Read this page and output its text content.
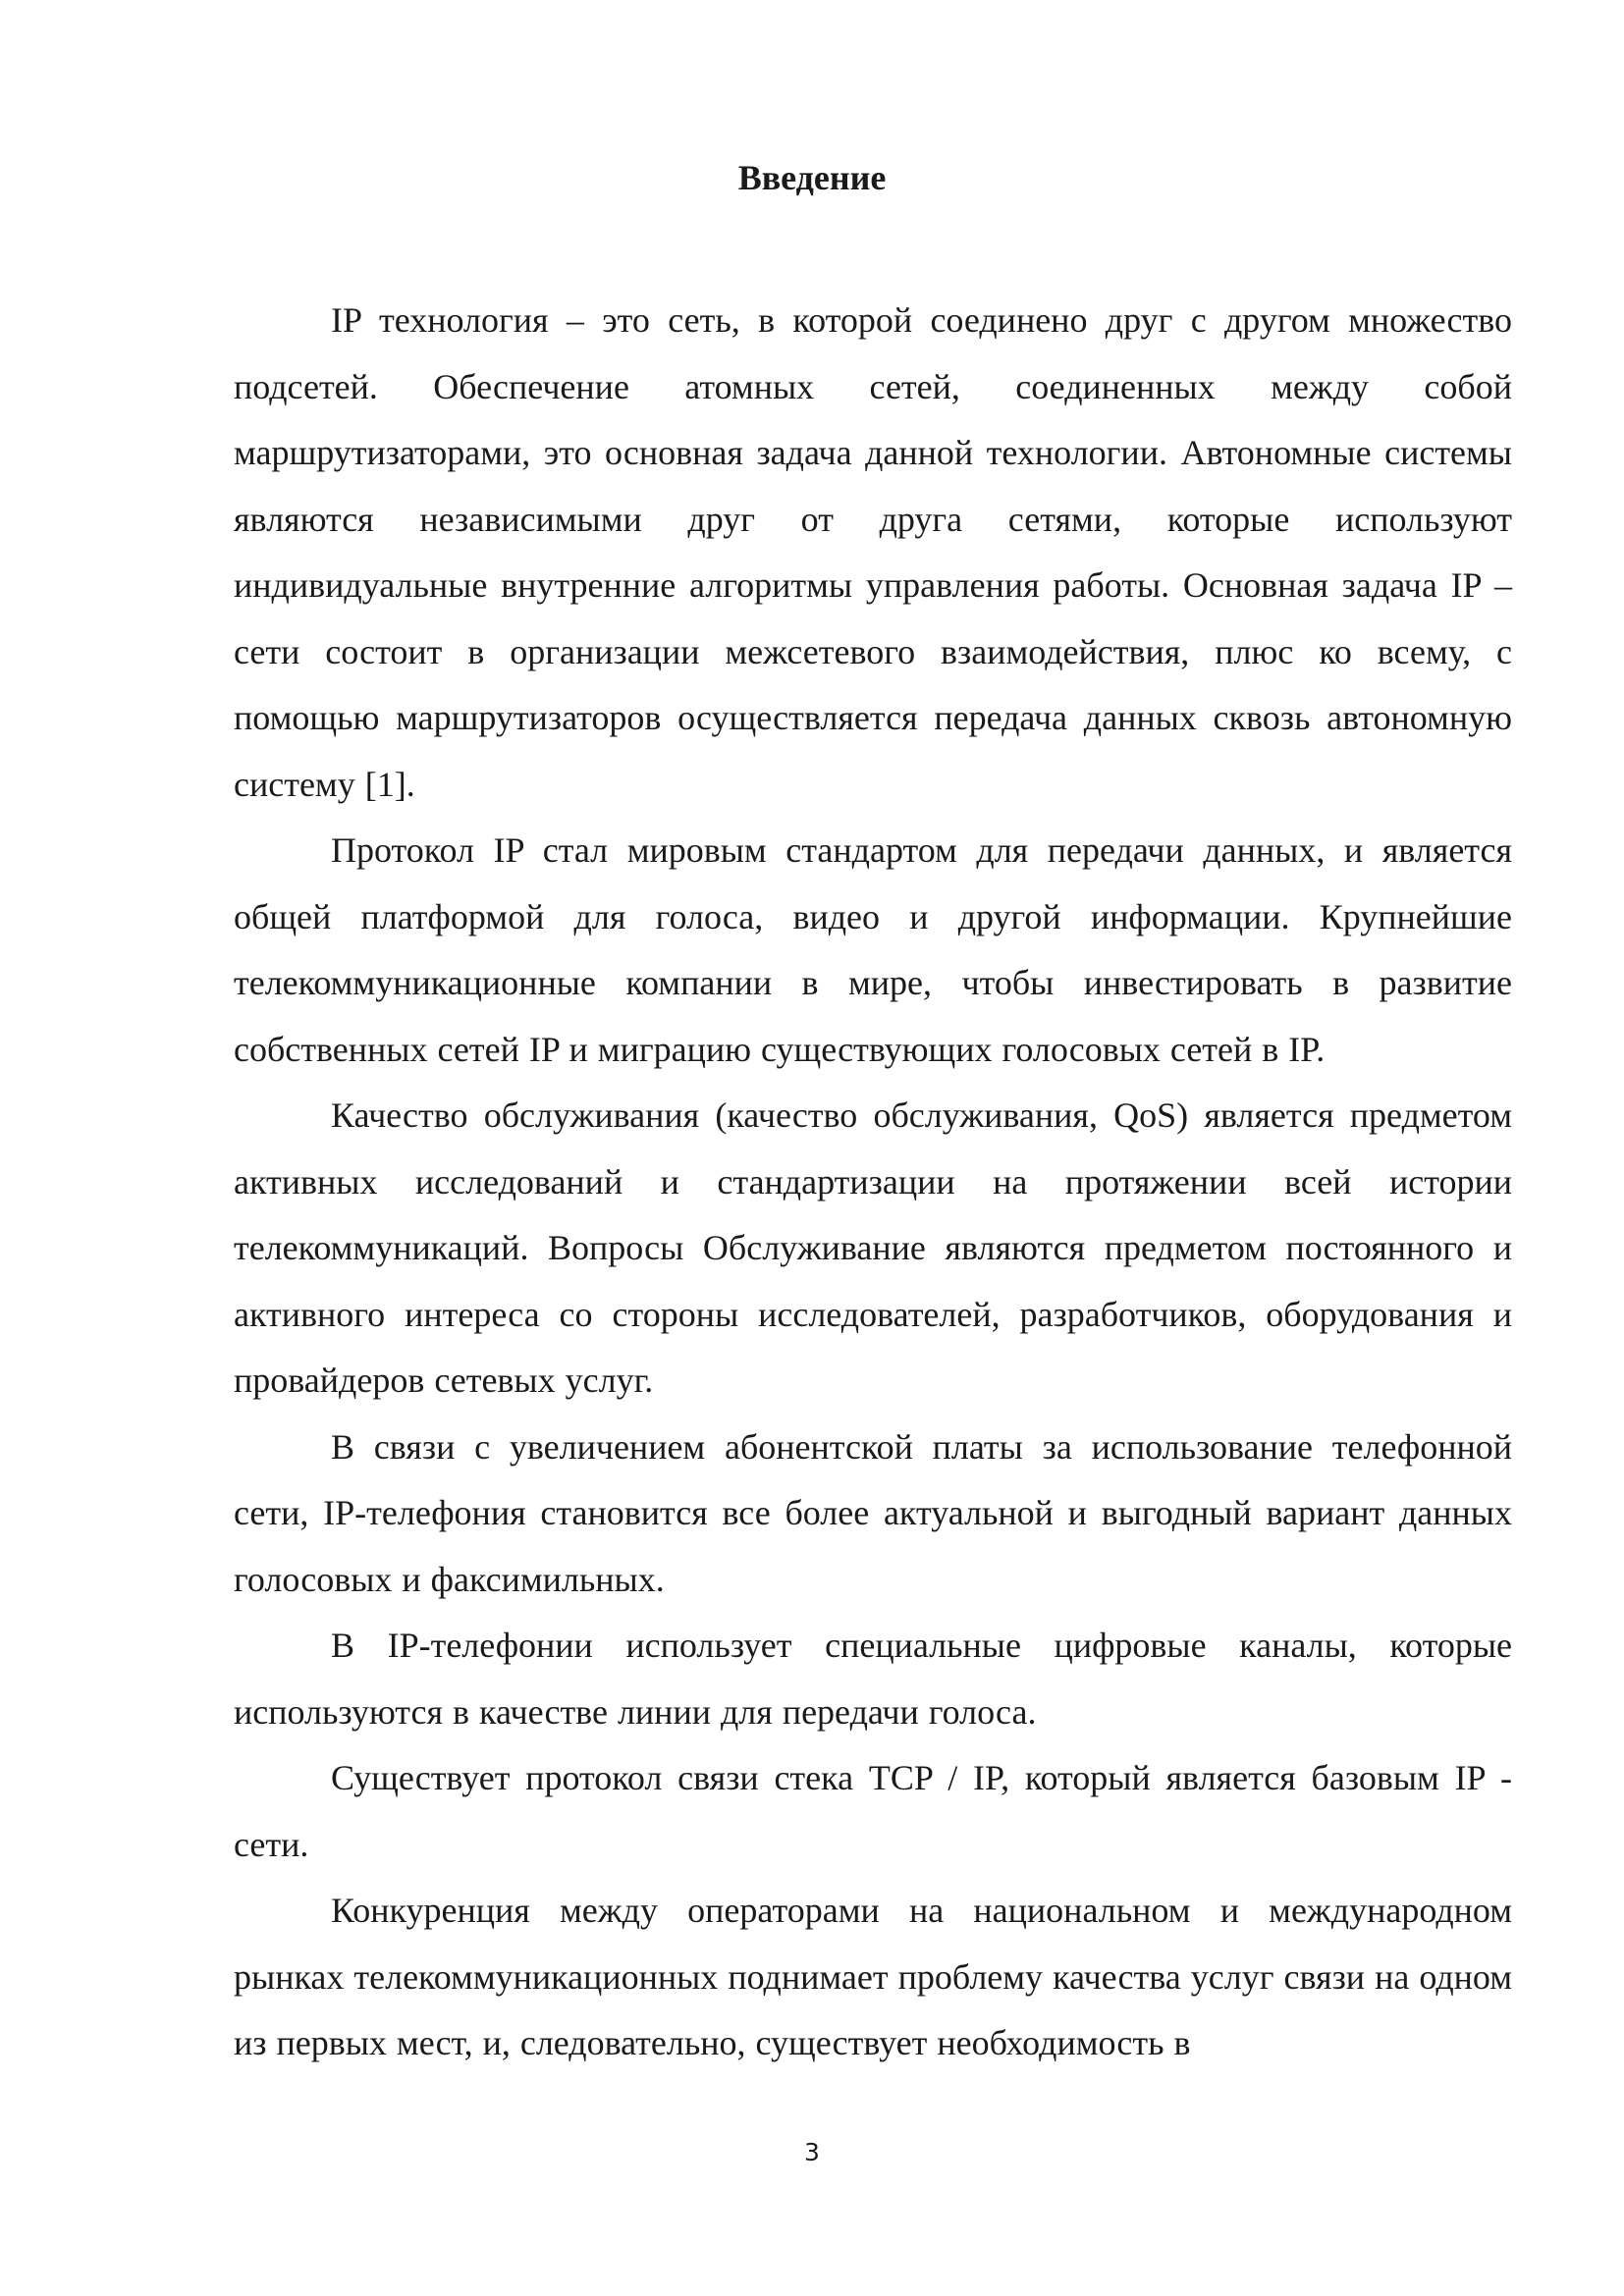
Введение

IP технология – это сеть, в которой соединено друг с другом множество подсетей. Обеспечение атомных сетей, соединенных между собой маршрутизаторами, это основная задача данной технологии. Автономные системы являются независимыми друг от друга сетями, которые используют индивидуальные внутренние алгоритмы управления работы. Основная задача IP – сети состоит в организации межсетевого взаимодействия, плюс ко всему, с помощью маршрутизаторов осуществляется передача данных сквозь автономную систему [1].

Протокол IP стал мировым стандартом для передачи данных, и является общей платформой для голоса, видео и другой информации. Крупнейшие телекоммуникационные компании в мире, чтобы инвестировать в развитие собственных сетей IP и миграцию существующих голосовых сетей в IP.

Качество обслуживания (качество обслуживания, QoS) является предметом активных исследований и стандартизации на протяжении всей истории телекоммуникаций. Вопросы Обслуживание являются предметом постоянного и активного интереса со стороны исследователей, разработчиков, оборудования и провайдеров сетевых услуг.

В связи с увеличением абонентской платы за использование телефонной сети, IP-телефония становится все более актуальной и выгодный вариант данных голосовых и факсимильных.

В IP-телефонии использует специальные цифровые каналы, которые используются в качестве линии для передачи голоса.

Существует протокол связи стека TCP / IP, который является базовым IP - сети.

Конкуренция между операторами на национальном и международном рынках телекоммуникационных поднимает проблему качества услуг связи на одном из первых мест, и, следовательно, существует необходимость в

3
